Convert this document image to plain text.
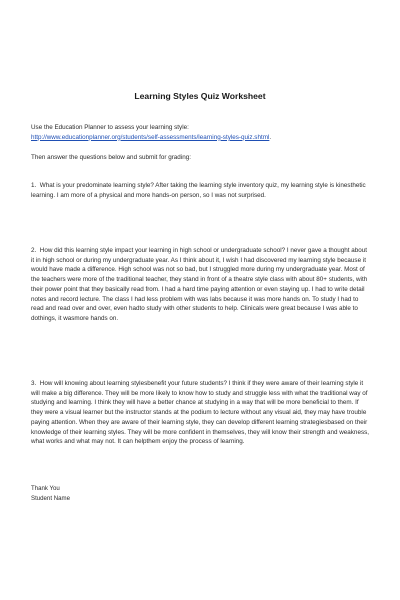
Learning Styles Quiz Worksheet

Use the Education Planner to assess your learning style:
http://www.educationplanner.org/students/self-assessments/learning-styles-quiz.shtml.

Then answer the questions below and submit for grading:

1. What is your predominate learning style? After taking the learning style inventory quiz, my learning style is kinesthetic learning. I am more of a physical and more hands-on person, so I was not surprised.

2. How did this learning style impact your learning in high school or undergraduate school? I never gave a thought about it in high school or during my undergraduate year. As I think about it, I wish I had discovered my learning style because it would have made a difference. High school was not so bad, but I struggled more during my undergraduate year. Most of the teachers were more of the traditional teacher, they stand in front of a theatre style class with about 80+ students, with their power point that they basically read from. I had a hard time paying attention or even staying up. I had to write detail notes and record lecture. The class I had less problem with was labs because it was more hands on. To study I had to read and read over and over, even hadto study with other students to help. Clinicals were great because I was able to dothings, it wasmore hands on.

3. How will knowing about learning stylesbenefit your future students? I think if they were aware of their learning style it will make a big difference. They will be more likely to know how to study and struggle less with what the traditional way of studying and learning. I think they will have a better chance at studying in a way that will be more beneficial to them. If they were a visual learner but the instructor stands at the podium to lecture without any visual aid, they may have trouble paying attention. When they are aware of their learning style, they can develop different learning strategiesbased on their knowledge of their learning styles. They will be more confident in themselves, they will know their strength and weakness, what works and what may not. It can helpthem enjoy the process of learning.

Thank You
Student Name
